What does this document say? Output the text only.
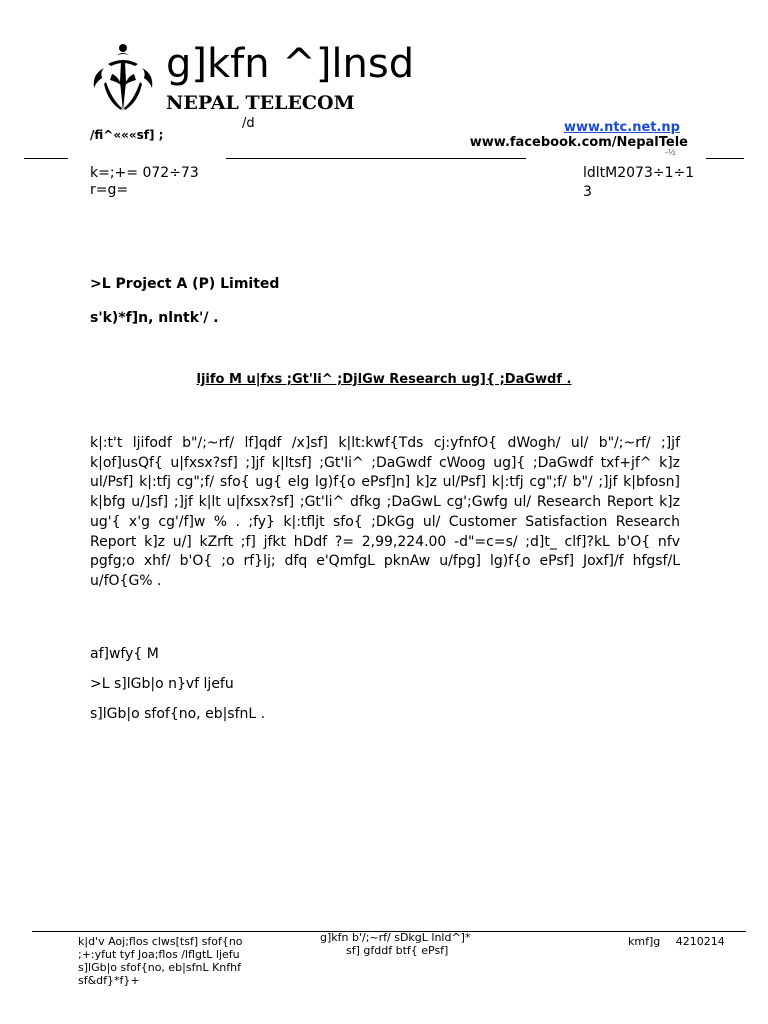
g]kfn ^]lnsd
NEPAL TELECOM
/fi^«««sf] ;
/d	www.ntc.net.np
www.facebook.com/NepalTele
-½
k=;+= 072÷73
r=g=
ldltM2073÷1÷1
3
>L Project A (P) Limited
s'k)*f]n, nlntk'/ .
ljifo M u|fxs ;Gt'li^ ;DjlGw Research ug]{ ;DaGwdf .
k|:t't ljifodf b"/;~rf/ lf]qdf /x]sf] k|lt:kwf{Tds cj:yfnfO{ dWogh/ ul/ b"/;~rf/ ;]jf k|of]usQf{ u|fxsx?sf] ;]jf k|ltsf] ;Gt'li^ ;DaGwdf cWoog ug]{ ;DaGwdf txf+jf^ k]z ul/Psf] k|:tfj cg";f/ sfo{ ug{ elg lg)f{o ePsf]n] k]z ul/Psf] k|:tfj cg";f/ b"/ ;]jf k|bfosn] k|bfg u/]sf] ;]jf k|lt u|fxsx?sf] ;Gt'li^ dfkg ;DaGwL cg';Gwfg ul/ Research Report k]z ug'{ x'g cg'/f]w % . ;fy} k|:tfljt sfo{ ;DkGg ul/ Customer Satisfaction Research Report k]z u/] kZrft ;f] jfkt hDdf ?= 2,99,224.00 -d"=c=s/ ;d]t_ clf]?kL b'O{ nfv pgfg;o xhf/ b'O{ ;o rf}lj; dfq e'QmfgL pknAw u/fpg] lg)f{o ePsf] Joxf]/f hfgsf/L u/fO{G% .
af]wfy{ M
>L s]lGb|o n}vf ljefu
s]lGb|o sfof{no, eb|sfnL .
k|d'v Aoj;flos clws[tsf] sfof{no
;+:yfut tyf Joa;flos /lflgtL ljefu
s]lGb|o sfof{no, eb|sfnL Knfhf
sf&df}*f}+
g]kfn b'/;~rf/ sDkgL lnld^]*
sf] gfddf btf{ ePsf]
kmf]g 4210214
